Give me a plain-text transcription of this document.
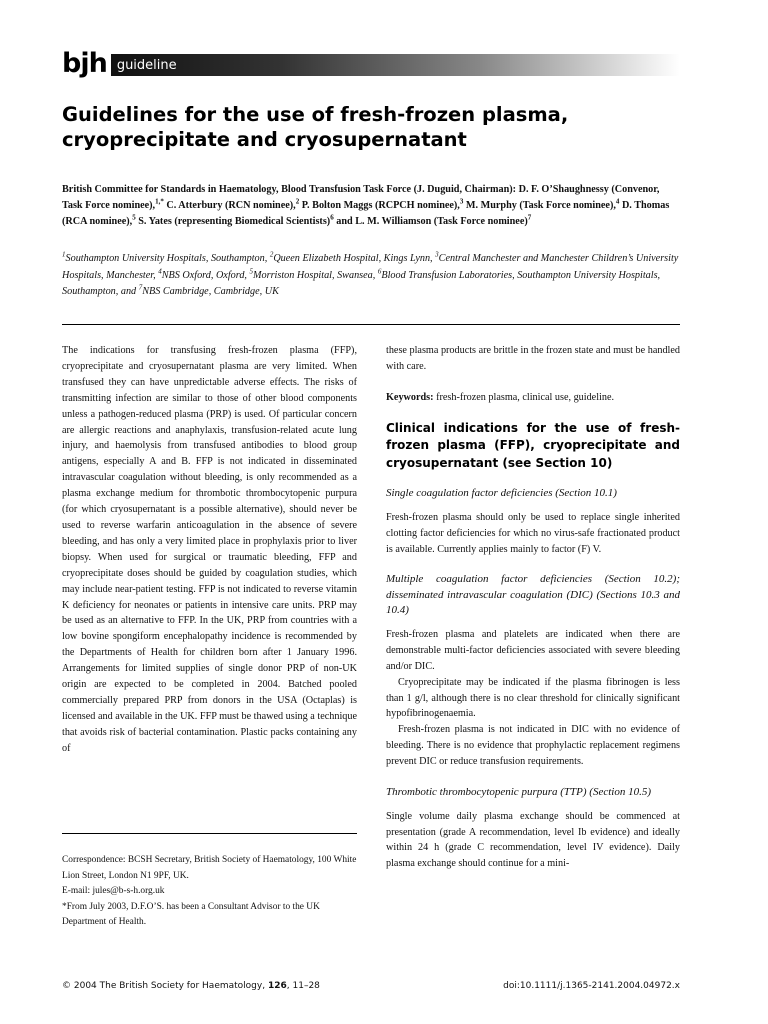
bjh guideline
Guidelines for the use of fresh-frozen plasma, cryoprecipitate and cryosupernatant
British Committee for Standards in Haematology, Blood Transfusion Task Force (J. Duguid, Chairman): D. F. O’Shaughnessy (Convenor, Task Force nominee),$^{1,*}$ C. Atterbury (RCN nominee),$^2$ P. Bolton Maggs (RCPCH nominee),$^3$ M. Murphy (Task Force nominee),$^4$ D. Thomas (RCA nominee),$^5$ S. Yates (representing Biomedical Scientists)$^6$ and L. M. Williamson (Task Force nominee)$^7$
$^1$Southampton University Hospitals, Southampton, $^2$Queen Elizabeth Hospital, Kings Lynn, $^3$Central Manchester and Manchester Children’s University Hospitals, Manchester, $^4$NBS Oxford, Oxford, $^5$Morriston Hospital, Swansea, $^6$Blood Transfusion Laboratories, Southampton University Hospitals, Southampton, and $^7$NBS Cambridge, Cambridge, UK

The indications for transfusing fresh-frozen plasma (FFP), cryoprecipitate and cryosupernatant plasma are very limited. When transfused they can have unpredictable adverse effects. The risks of transmitting infection are similar to those of other blood components unless a pathogen-reduced plasma (PRP) is used. Of particular concern are allergic reactions and anaphylaxis, transfusion-related acute lung injury, and haemolysis from transfused antibodies to blood group antigens, especially A and B. FFP is not indicated in disseminated intravascular coagulation without bleeding, is only recommended as a plasma exchange medium for thrombotic thrombocytopenic purpura (for which cryosupernatant is a possible alternative), should never be used to reverse warfarin anticoagulation in the absence of severe bleeding, and has only a very limited place in prophylaxis prior to liver biopsy. When used for surgical or traumatic bleeding, FFP and cryoprecipitate doses should be guided by coagulation studies, which may include near-patient testing. FFP is not indicated to reverse vitamin K deficiency for neonates or patients in intensive care units. PRP may be used as an alternative to FFP. In the UK, PRP from countries with a low bovine spongiform encephalopathy incidence is recommended by the Departments of Health for children born after 1 January 1996. Arrangements for limited supplies of single donor PRP of non-UK origin are expected to be completed in 2004. Batched pooled commercially prepared PRP from donors in the USA (Octaplas) is licensed and available in the UK. FFP must be thawed using a technique that avoids risk of bacterial contamination. Plastic packs containing any of

Correspondence: BCSH Secretary, British Society of Haematology, 100 White Lion Street, London N1 9PF, UK.
E-mail: jules@b-s-h.org.uk
*From July 2003, D.F.O’S. has been a Consultant Advisor to the UK Department of Health.

these plasma products are brittle in the frozen state and must be handled with care.

Keywords: fresh-frozen plasma, clinical use, guideline.

Clinical indications for the use of fresh-frozen plasma (FFP), cryoprecipitate and cryosupernatant (see Section 10)
Single coagulation factor deficiencies (Section 10.1)

Fresh-frozen plasma should only be used to replace single inherited clotting factor deficiencies for which no virus-safe fractionated product is available. Currently applies mainly to factor (F) V.

Multiple coagulation factor deficiencies (Section 10.2); disseminated intravascular coagulation (DIC) (Sections 10.3 and 10.4)

Fresh-frozen plasma and platelets are indicated when there are demonstrable multi-factor deficiencies associated with severe bleeding and/or DIC.

Cryoprecipitate may be indicated if the plasma fibrinogen is less than 1 g/l, although there is no clear threshold for clinically significant hypofibrinogenaemia.

Fresh-frozen plasma is not indicated in DIC with no evidence of bleeding. There is no evidence that prophylactic replacement regimens prevent DIC or reduce transfusion requirements.

Thrombotic thrombocytopenic purpura (TTP) (Section 10.5)

Single volume daily plasma exchange should be commenced at presentation (grade A recommendation, level Ib evidence) and ideally within 24 h (grade C recommendation, level IV evidence). Daily plasma exchange should continue for a mini-

© 2004 The British Society for Haematology, 126, 11–28	doi:10.1111/j.1365-2141.2004.04972.x
